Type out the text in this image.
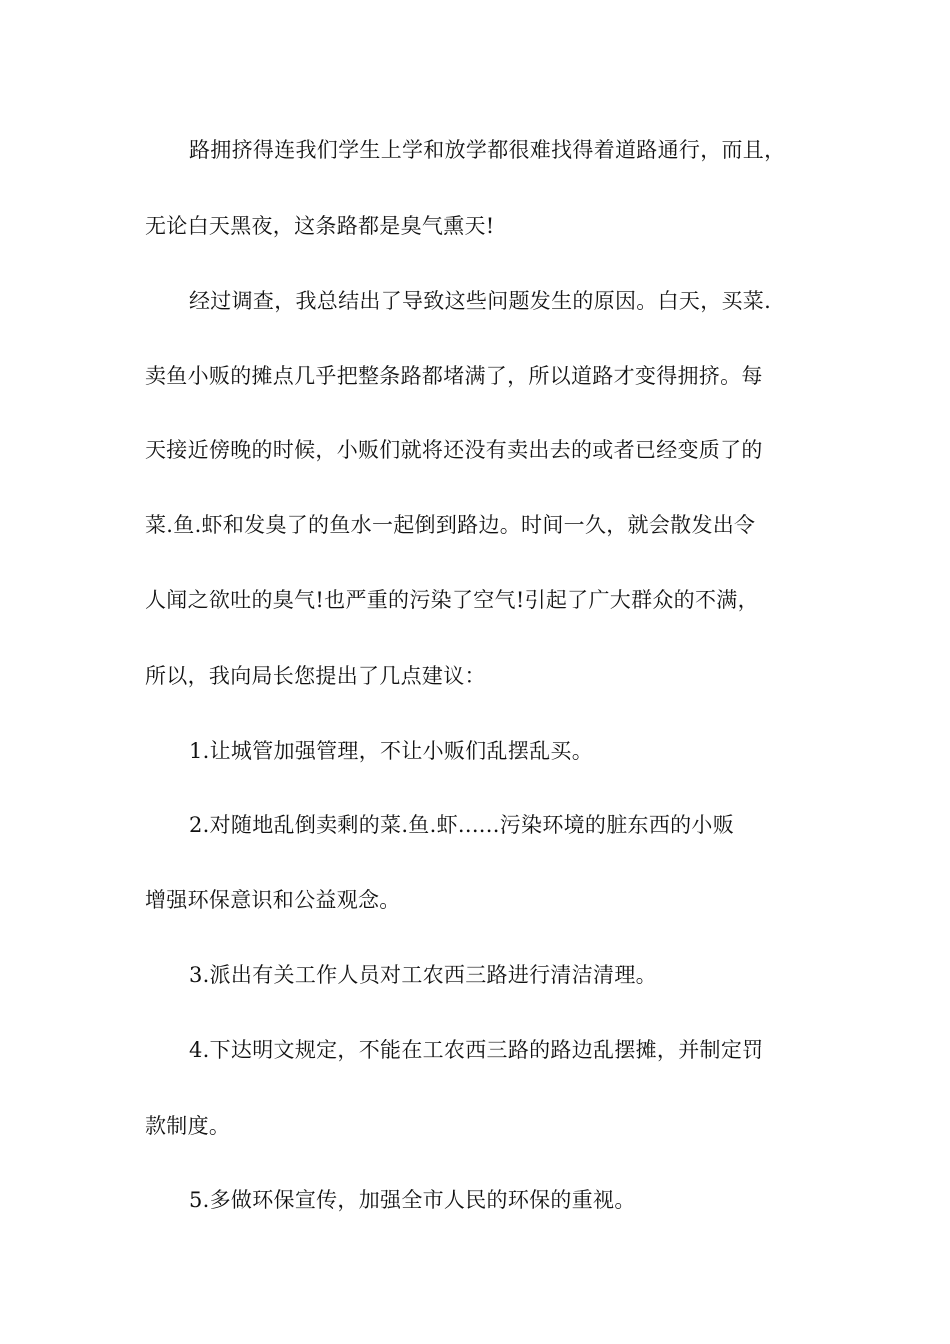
路拥挤得连我们学生上学和放学都很难找得着道路通行，而且，
无论白天黑夜，这条路都是臭气熏天!
经过调查，我总结出了导致这些问题发生的原因。白天，买菜.
卖鱼小贩的摊点几乎把整条路都堵满了，所以道路才变得拥挤。每
天接近傍晚的时候，小贩们就将还没有卖出去的或者已经变质了的
菜.鱼.虾和发臭了的鱼水一起倒到路边。时间一久，就会散发出令
人闻之欲吐的臭气!也严重的污染了空气!引起了广大群众的不满，
所以，我向局长您提出了几点建议：
1.让城管加强管理，不让小贩们乱摆乱买。
2.对随地乱倒卖剩的菜.鱼.虾......污染环境的脏东西的小贩
增强环保意识和公益观念。
3.派出有关工作人员对工农西三路进行清洁清理。
4.下达明文规定，不能在工农西三路的路边乱摆摊，并制定罚
款制度。
5.多做环保宣传，加强全市人民的环保的重视。
